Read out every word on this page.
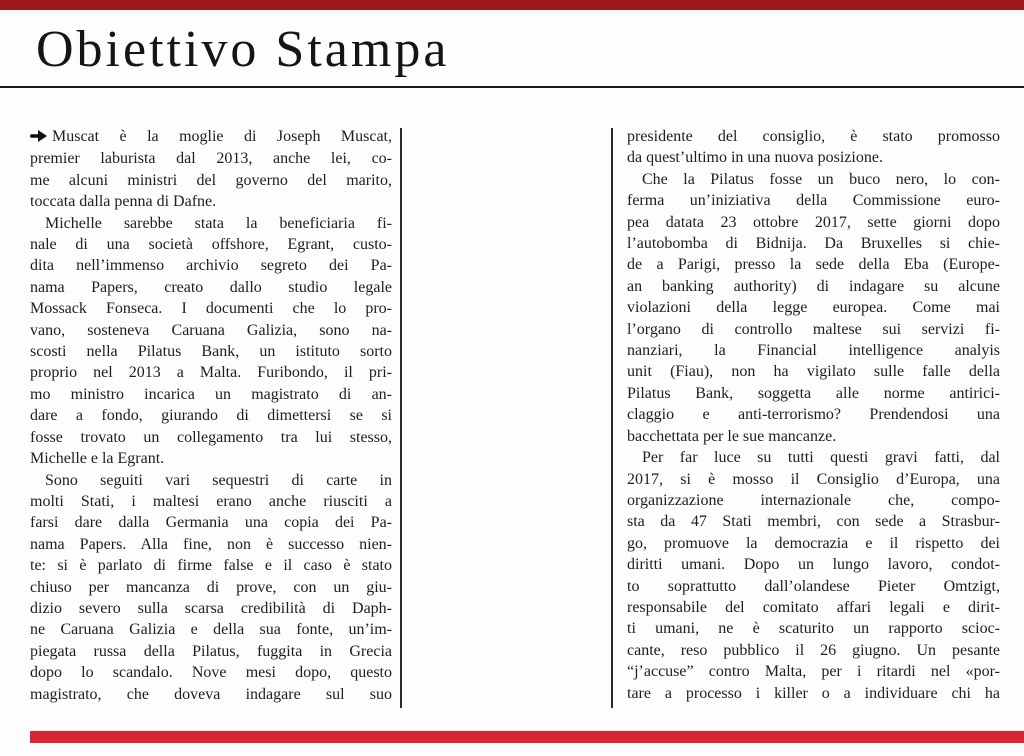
Obiettivo Stampa
Muscat è la moglie di Joseph Muscat,
premier laburista dal 2013, anche lei, co-
me alcuni ministri del governo del marito,
toccata dalla penna di Dafne.
Michelle sarebbe stata la beneficiaria fi-
nale di una società offshore, Egrant, custo-
dita nell’immenso archivio segreto dei Pa-
nama Papers, creato dallo studio legale
Mossack Fonseca. I documenti che lo pro-
vano, sosteneva Caruana Galizia, sono na-
scosti nella Pilatus Bank, un istituto sorto
proprio nel 2013 a Malta. Furibondo, il pri-
mo ministro incarica un magistrato di an-
dare a fondo, giurando di dimettersi se si
fosse trovato un collegamento tra lui stesso,
Michelle e la Egrant.
Sono seguiti vari sequestri di carte in
molti Stati, i maltesi erano anche riusciti a
farsi dare dalla Germania una copia dei Pa-
nama Papers. Alla fine, non è successo nien-
te: si è parlato di firme false e il caso è stato
chiuso per mancanza di prove, con un giu-
dizio severo sulla scarsa credibilità di Daph-
ne Caruana Galizia e della sua fonte, un’im-
piegata russa della Pilatus, fuggita in Grecia
dopo lo scandalo. Nove mesi dopo, questo
magistrato, che doveva indagare sul suo
presidente del consiglio, è stato promosso
da quest’ultimo in una nuova posizione.
Che la Pilatus fosse un buco nero, lo con-
ferma un’iniziativa della Commissione euro-
pea datata 23 ottobre 2017, sette giorni dopo
l’autobomba di Bidnija. Da Bruxelles si chie-
de a Parigi, presso la sede della Eba (Europe-
an banking authority) di indagare su alcune
violazioni della legge europea. Come mai
l’organo di controllo maltese sui servizi fi-
nanziari, la Financial intelligence analyis
unit (Fiau), non ha vigilato sulle falle della
Pilatus Bank, soggetta alle norme antirici-
claggio e anti-terrorismo? Prendendosi una
bacchettata per le sue mancanze.
Per far luce su tutti questi gravi fatti, dal
2017, si è mosso il Consiglio d’Europa, una
organizzazione internazionale che, compo-
sta da 47 Stati membri, con sede a Strasbur-
go, promuove la democrazia e il rispetto dei
diritti umani. Dopo un lungo lavoro, condot-
to soprattutto dall’olandese Pieter Omtzigt,
responsabile del comitato affari legali e dirit-
ti umani, ne è scaturito un rapporto scioc-
cante, reso pubblico il 26 giugno. Un pesante
“j’accuse” contro Malta, per i ritardi nel «por-
tare a processo i killer o a individuare chi ha
